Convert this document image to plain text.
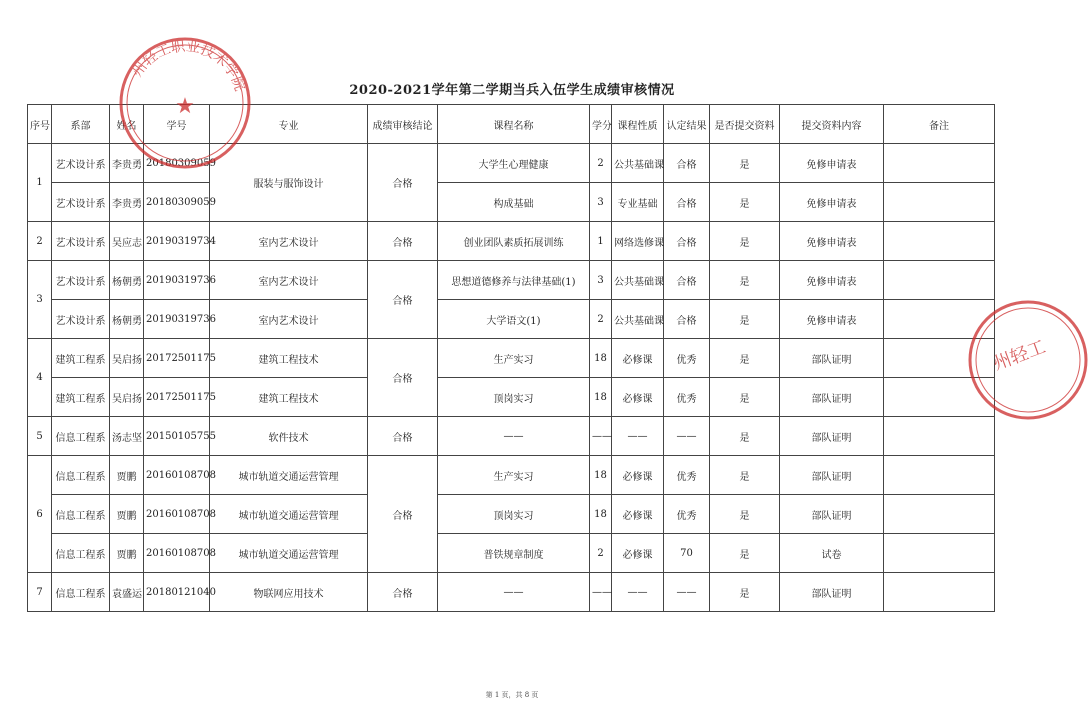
2020-2021学年第二学期当兵入伍学生成绩审核情况
序号	系部	姓名	学号	专业	成绩审核结论	课程名称	学分	课程性质	认定结果	是否提交资料	提交资料内容	备注
1	艺术设计系	李贵勇	20180309059	服装与服饰设计	合格	大学生心理健康	2	公共基础课	合格	是	免修申请表	
	艺术设计系	李贵勇	20180309059			构成基础	3	专业基础	合格	是	免修申请表	
2	艺术设计系	吴应志	20190319734	室内艺术设计	合格	创业团队素质拓展训练	1	网络选修课	合格	是	免修申请表	
3	艺术设计系	杨朝勇	20190319736	室内艺术设计	合格	思想道德修养与法律基础(1)	3	公共基础课	合格	是	免修申请表	
	艺术设计系	杨朝勇	20190319736	室内艺术设计		大学语文(1)	2	公共基础课	合格	是	免修申请表	
4	建筑工程系	吴启扬	20172501175	建筑工程技术	合格	生产实习	18	必修课	优秀	是	部队证明	
	建筑工程系	吴启扬	20172501175	建筑工程技术		顶岗实习	18	必修课	优秀	是	部队证明	
5	信息工程系	汤志坚	20150105755	软件技术	合格	——	——	——	——	是	部队证明	
6	信息工程系	贾鹏	20160108708	城市轨道交通运营管理	合格	生产实习	18	必修课	优秀	是	部队证明	
	信息工程系	贾鹏	20160108708	城市轨道交通运营管理		顶岗实习	18	必修课	优秀	是	部队证明	
	信息工程系	贾鹏	20160108708	城市轨道交通运营管理		普铁规章制度	2	必修课	70	是	试卷	
7	信息工程系	袁盛运	20180121040	物联网应用技术	合格	——	——	——	——	是	部队证明	
州轻工职业技术学院
★
州轻工
第 1 页，共 8 页
